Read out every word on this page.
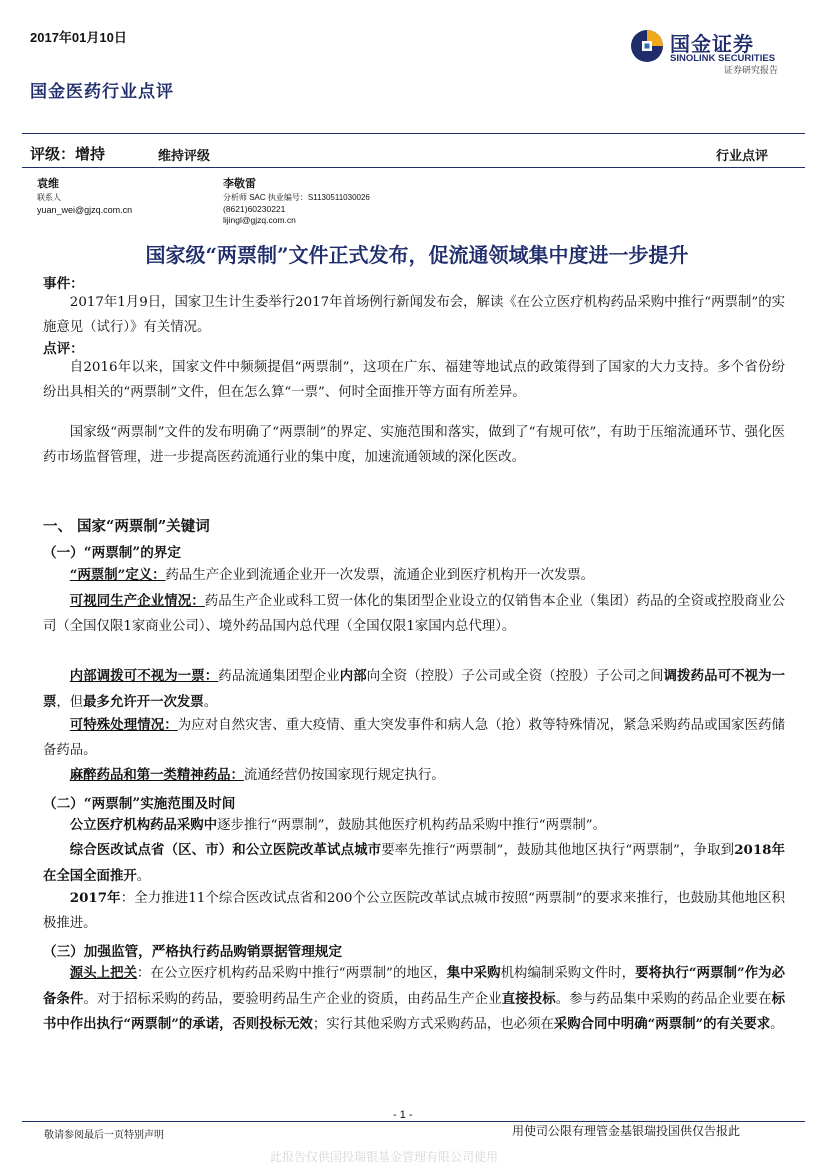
2017年01月10日
国金医药行业点评
国金证券
SINOLINK SECURITIES
证券研究报告
评级：增持	维持评级	行业点评
袁维
联系人
yuan_wei@gjzq.com.cn
李敬雷
分析师 SAC 执业编号：S1130511030026
(8621)60230221
lijingl@gjzq.com.cn
国家级“两票制”文件正式发布，促流通领域集中度进一步提升
事件：
2017年1月9日，国家卫生计生委举行2017年首场例行新闻发布会，解读《在公立医疗机构药品采购中推行“两票制”的实施意见（试行）》有关情况。
点评：
自2016年以来，国家文件中频频提倡“两票制”，这项在广东、福建等地试点的政策得到了国家的大力支持。多个省份纷纷出具相关的“两票制”文件，但在怎么算“一票”、何时全面推开等方面有所差异。
国家级“两票制”文件的发布明确了“两票制”的界定、实施范围和落实，做到了“有规可依”，有助于压缩流通环节、强化医药市场监督管理，进一步提高医药流通行业的集中度，加速流通领域的深化医改。
一、 国家“两票制”关键词
（一）“两票制”的界定
“两票制”定义：药品生产企业到流通企业开一次发票，流通企业到医疗机构开一次发票。
可视同生产企业情况：药品生产企业或科工贸一体化的集团型企业设立的仅销售本企业（集团）药品的全资或控股商业公司（全国仅限1家商业公司）、境外药品国内总代理（全国仅限1家国内总代理）。
内部调拨可不视为一票：药品流通集团型企业内部向全资（控股）子公司或全资（控股）子公司之间调拨药品可不视为一票，但最多允许开一次发票。
可特殊处理情况：为应对自然灾害、重大疫情、重大突发事件和病人急（抢）救等特殊情况，紧急采购药品或国家医药储备药品。
麻醉药品和第一类精神药品：流通经营仍按国家现行规定执行。
（二）“两票制”实施范围及时间
公立医疗机构药品采购中逐步推行“两票制”，鼓励其他医疗机构药品采购中推行“两票制”。
综合医改试点省（区、市）和公立医院改革试点城市要率先推行“两票制”，鼓励其他地区执行“两票制”，争取到2018年在全国全面推开。
2017年：全力推进11个综合医改试点省和200个公立医院改革试点城市按照“两票制”的要求来推行，也鼓励其他地区积极推进。
（三）加强监管，严格执行药品购销票据管理规定
源头上把关：在公立医疗机构药品采购中推行“两票制”的地区，集中采购机构编制采购文件时，要将执行“两票制”作为必备条件。对于招标采购的药品，要验明药品生产企业的资质，由药品生产企业直接投标。参与药品集中采购的药品企业要在标书中作出执行“两票制”的承诺，否则投标无效；实行其他采购方式采购药品，也必须在采购合同中明确“两票制”的有关要求。
- 1 -
敬请参阅最后一页特别声明	用使司公限有理管金基银瑞投国供仅告报此
此报告仅供国投瑞银基金管理有限公司使用
